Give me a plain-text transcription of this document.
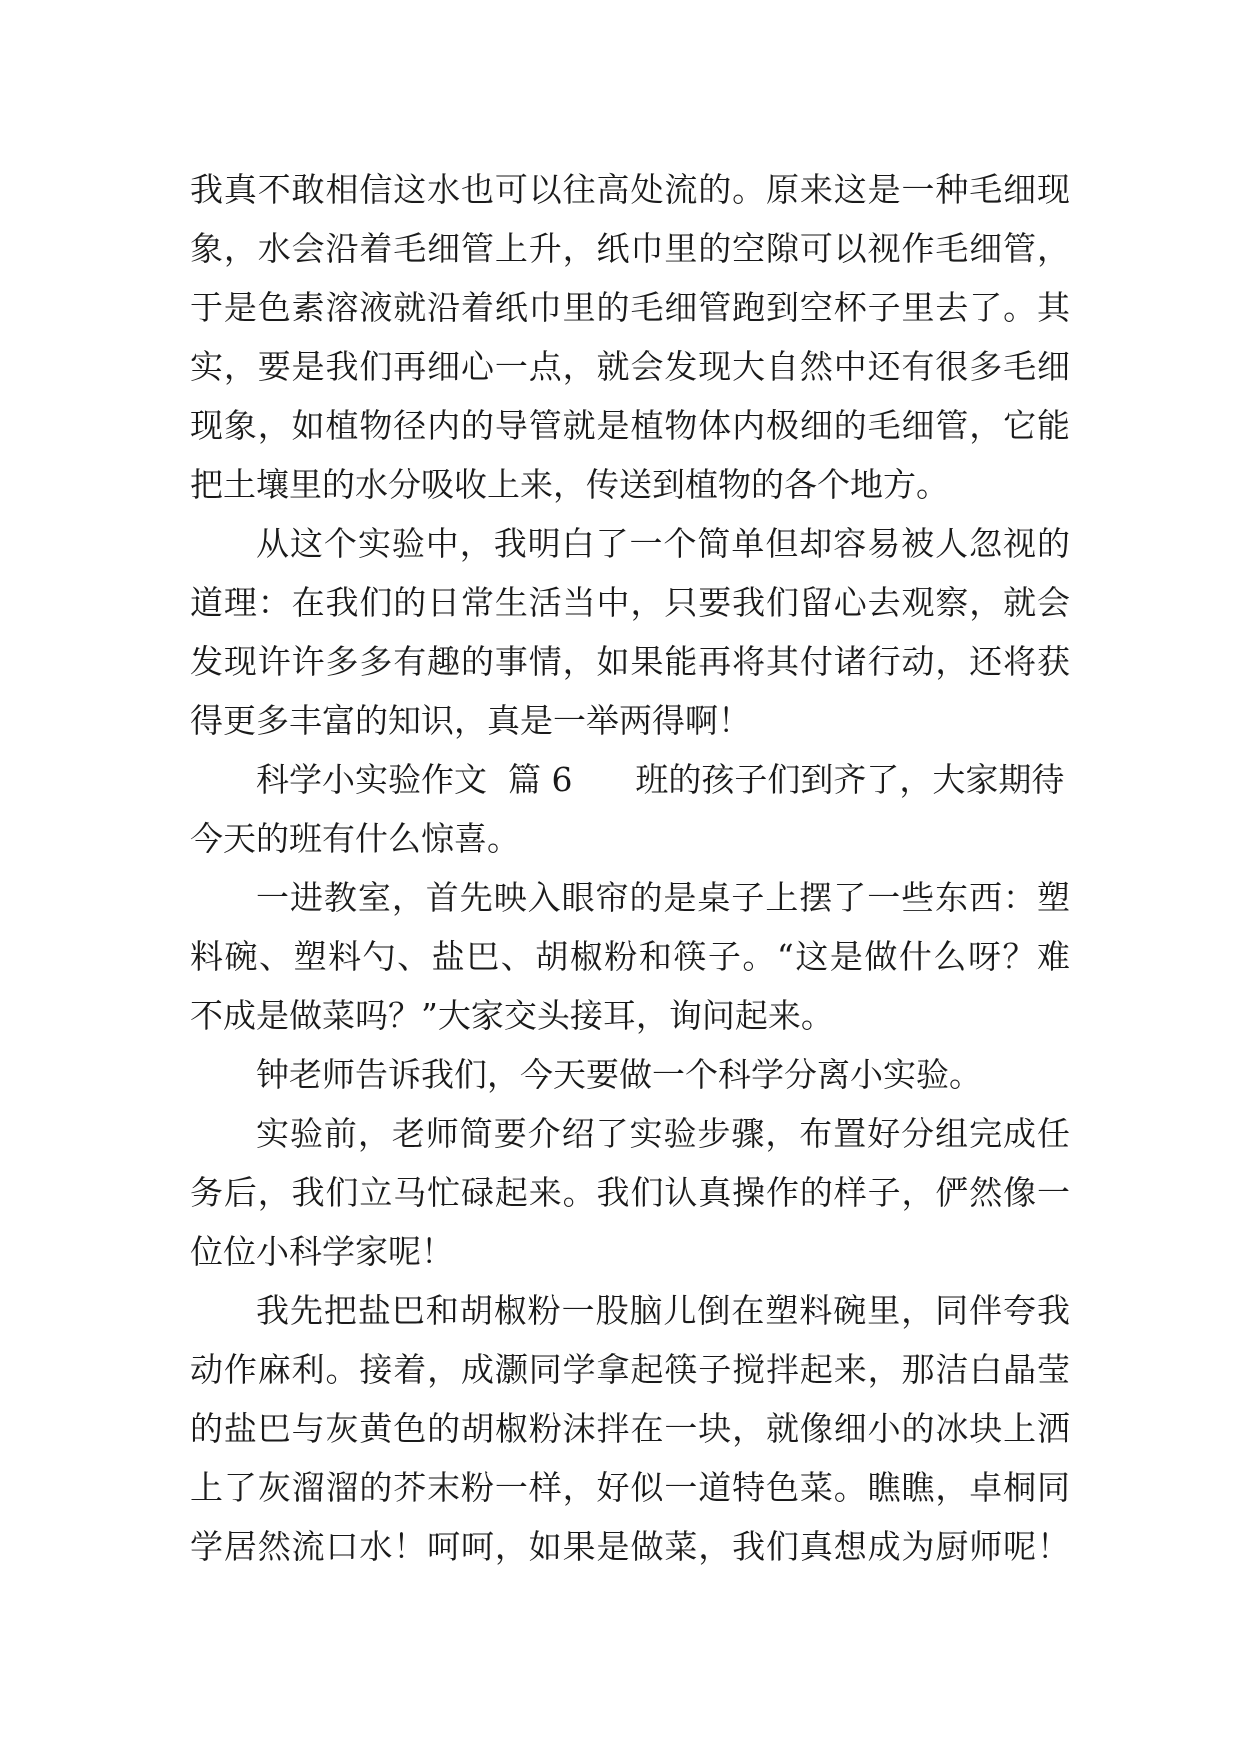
我真不敢相信这水也可以往高处流的。原来这是一种毛细现
象，水会沿着毛细管上升，纸巾里的空隙可以视作毛细管，
于是色素溶液就沿着纸巾里的毛细管跑到空杯子里去了。其
实，要是我们再细心一点，就会发现大自然中还有很多毛细
现象，如植物径内的导管就是植物体内极细的毛细管，它能
把土壤里的水分吸收上来，传送到植物的各个地方。
从这个实验中，我明白了一个简单但却容易被人忽视的
道理：在我们的日常生活当中，只要我们留心去观察，就会
发现许许多多有趣的事情，如果能再将其付诸行动，还将获
得更多丰富的知识，真是一举两得啊！
科学小实验作文  篇 6      班的孩子们到齐了，大家期待
今天的班有什么惊喜。
一进教室，首先映入眼帘的是桌子上摆了一些东西：塑
料碗、塑料勺、盐巴、胡椒粉和筷子。“这是做什么呀？难
不成是做菜吗？”大家交头接耳，询问起来。
钟老师告诉我们，今天要做一个科学分离小实验。
实验前，老师简要介绍了实验步骤，布置好分组完成任
务后，我们立马忙碌起来。我们认真操作的样子，俨然像一
位位小科学家呢！
我先把盐巴和胡椒粉一股脑儿倒在塑料碗里，同伴夸我
动作麻利。接着，成灏同学拿起筷子搅拌起来，那洁白晶莹
的盐巴与灰黄色的胡椒粉沫拌在一块，就像细小的冰块上洒
上了灰溜溜的芥末粉一样，好似一道特色菜。瞧瞧，卓桐同
学居然流口水！呵呵，如果是做菜，我们真想成为厨师呢！
